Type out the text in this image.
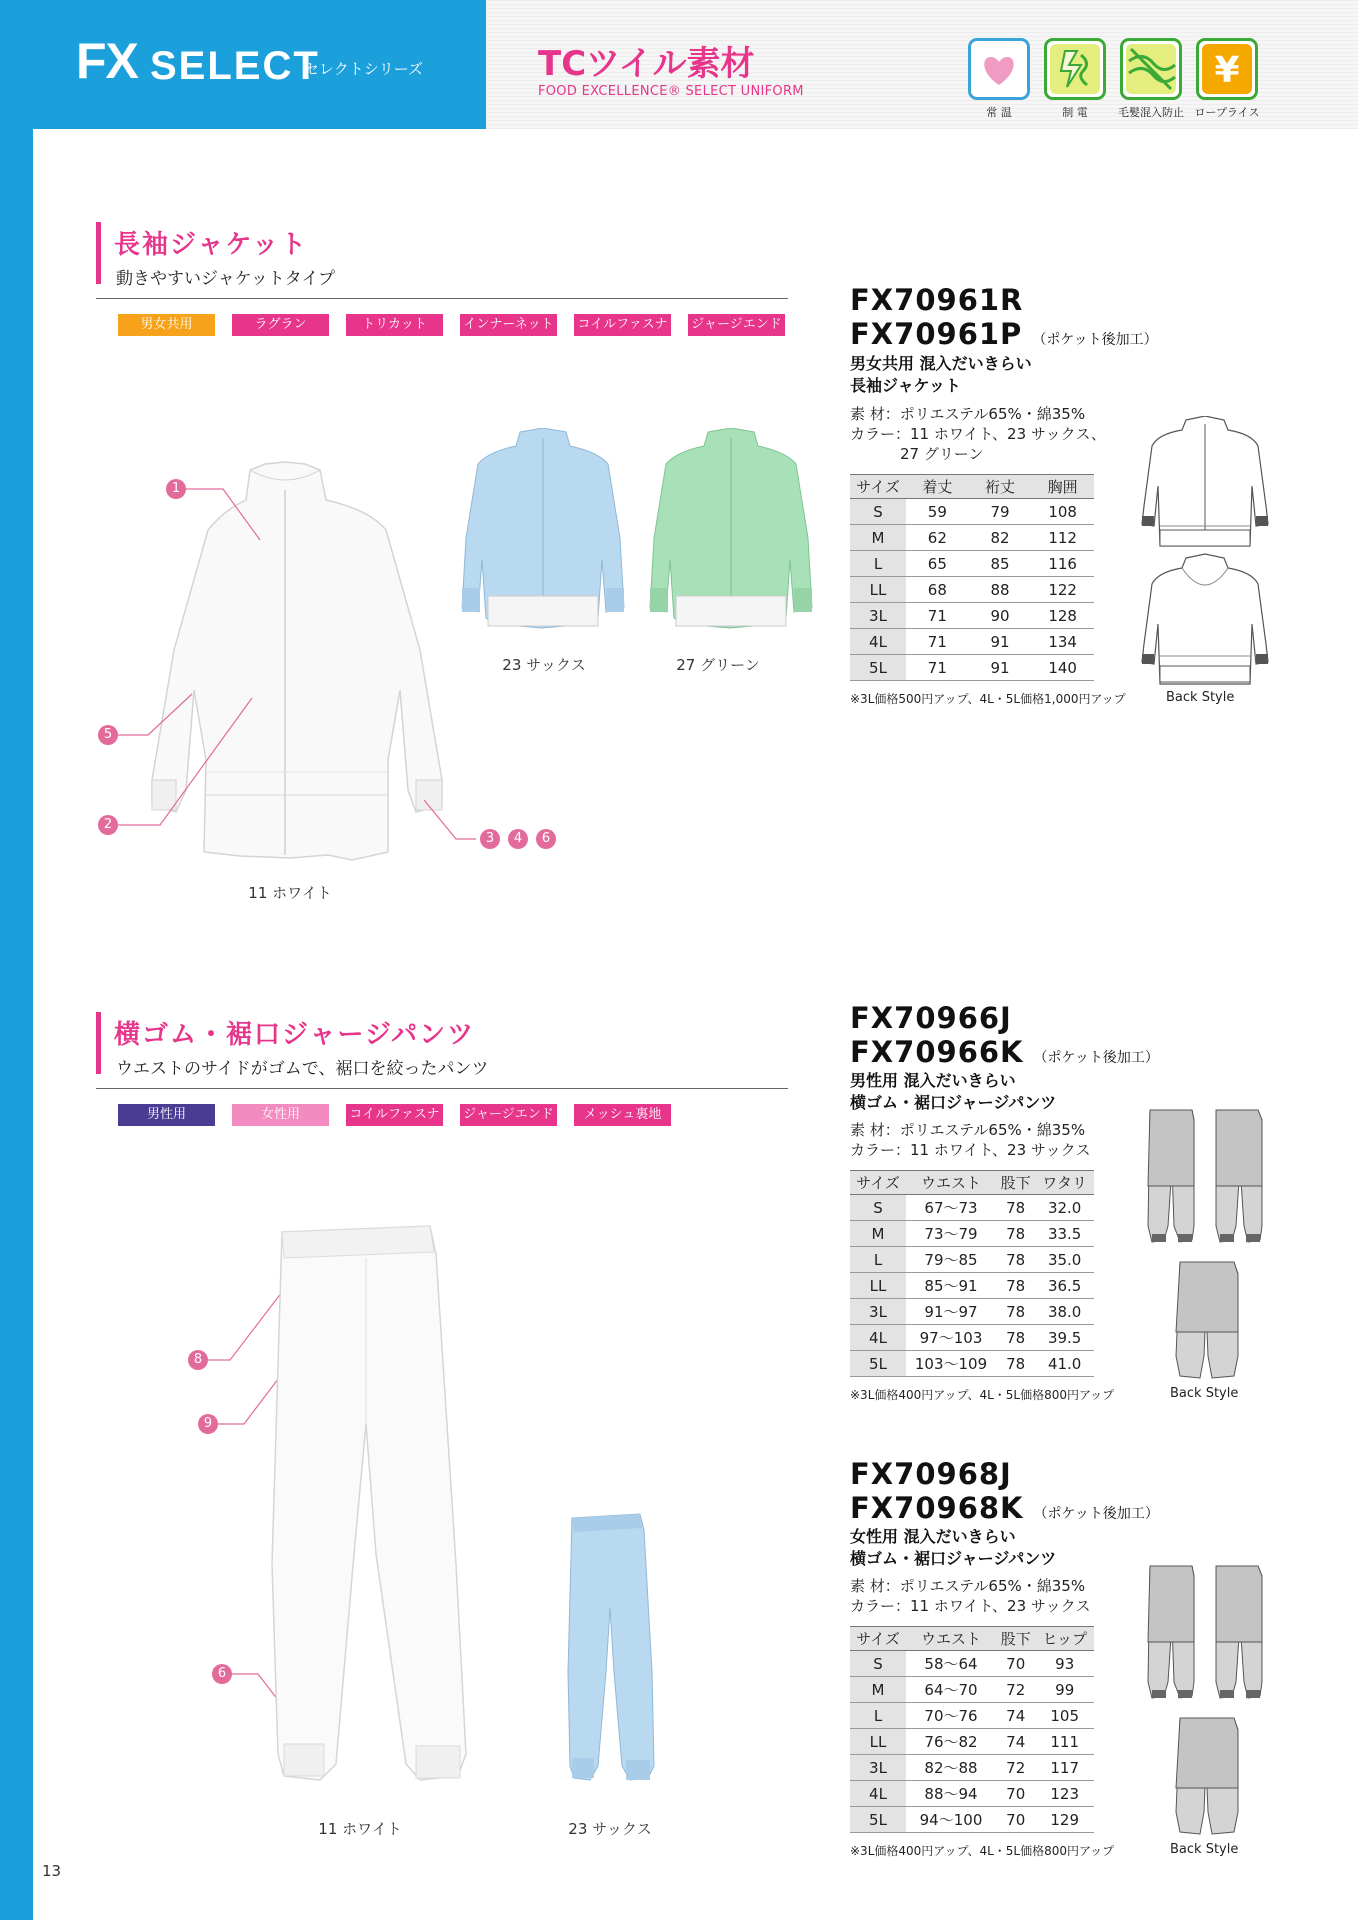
FX SELECT
セレクトシリーズ	TCツイル素材
FOOD EXCELLENCE® SELECT UNIFORM
常 温	制 電	毛髪混入防止
¥
ロープライス
長袖ジャケット
動きやすいジャケットタイプ
男女共用	ラグラン	トリカット	インナーネット コイルファスナー
ジャージエンド
11 ホワイト
23 サックス	27 グリーン
1
5
2
3	4	6
FX70961R
FX70961P （ポケット後加工）
男女共用 混入だいきらい
長袖ジャケット
素 材：ポリエステル65%・綿35%
カラー：11 ホワイト、23 サックス、
27 グリーン
サイズ	着丈	裄丈	胸囲
S	59	79	108
M	62	82	112
L	65	85	116
LL	68	88	122
3L	71	90	128
4L	71	91	134
5L	71	91	140
※3L価格500円アップ、4L・5L価格1,000円アップ	Back Style
横ゴム・裾口ジャージパンツ
ウエストのサイドがゴムで、裾口を絞ったパンツ
男性用	女性用	コイルファスナー
ジャージエンド	メッシュ裏地
11 ホワイト	23 サックス
8
9
6
FX70966J
FX70966K （ポケット後加工）
男性用 混入だいきらい
横ゴム・裾口ジャージパンツ
素 材：ポリエステル65%・綿35%
カラー：11 ホワイト、23 サックス
サイズ	ウエスト	股下	ワタリ
S	67～73	78	32.0
M	73～79	78	33.5
L	79～85	78	35.0
LL	85～91	78	36.5
3L	91～97	78	38.0
4L	97～103	78	39.5
5L	103～109	78	41.0
※3L価格400円アップ、4L・5L価格800円アップ	Back Style
FX70968J
FX70968K （ポケット後加工）
女性用 混入だいきらい
横ゴム・裾口ジャージパンツ
素 材：ポリエステル65%・綿35%
カラー：11 ホワイト、23 サックス
サイズ	ウエスト	股下	ヒップ
S	58～64	70	93
M	64～70	72	99
L	70～76	74	105
LL	76～82	74	111
3L	82～88	72	117
4L	88～94	70	123
5L	94～100	70	129
※3L価格400円アップ、4L・5L価格800円アップ	Back Style
13
